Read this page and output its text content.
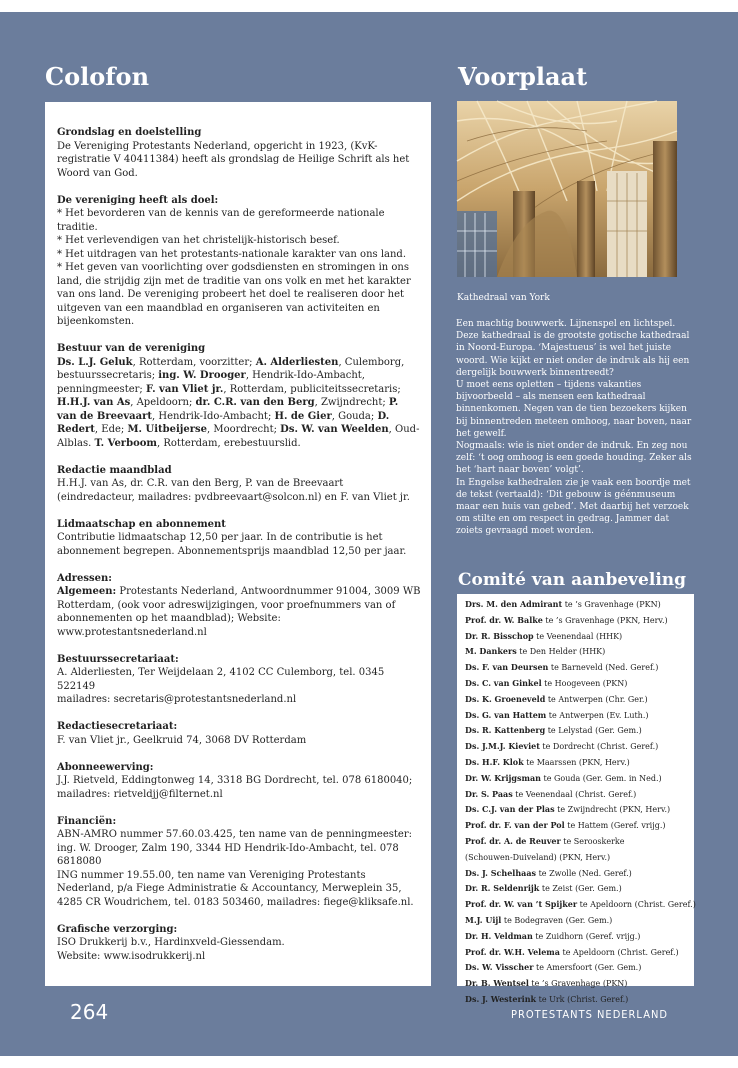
Colofon	Voorplaat
Grondslag en doelstelling

De Vereniging Protestants Nederland, opgericht in 1923, (KvK-registratie V 40411384) heeft als grondslag de Heilige Schrift als het Woord van God.

De vereniging heeft als doel:

* Het bevorderen van de kennis van de gereformeerde nationale traditie.

* Het verlevendigen van het christelijk-historisch besef.

* Het uitdragen van het protestants-nationale karakter van ons land.

* Het geven van voorlichting over godsdiensten en stromingen in ons land, die strijdig zijn met de traditie van ons volk en met het karakter van ons land. De vereniging probeert het doel te realiseren door het uitgeven van een maandblad en organiseren van activiteiten en bijeenkomsten.

Bestuur van de vereniging

Ds. L.J. Geluk, Rotterdam, voorzitter; A. Alderliesten, Culemborg, bestuurssecretaris; ing. W. Drooger, Hendrik-Ido-Ambacht, penningmeester; F. van Vliet jr., Rotterdam, publiciteitssecretaris; H.H.J. van As, Apeldoorn; dr. C.R. van den Berg, Zwijndrecht; P. van de Breevaart, Hendrik-Ido-Ambacht; H. de Gier, Gouda; D. Redert, Ede; M. Uitbeijerse, Moordrecht; Ds. W. van Weelden, Oud-Alblas. T. Verboom, Rotterdam, erebestuurslid.

Redactie maandblad

H.H.J. van As, dr. C.R. van den Berg, P. van de Breevaart (eindredacteur, mailadres: pvdbreevaart@solcon.nl) en F. van Vliet jr.

Lidmaatschap en abonnement

Contributie lidmaatschap 12,50 per jaar. In de contributie is het abonnement begrepen. Abonnementsprijs maandblad 12,50 per jaar.

Adressen:

Algemeen: Protestants Nederland, Antwoordnummer 91004, 3009 WB Rotterdam, (ook voor adreswijzigingen, voor proefnummers van of abonnementen op het maandblad); Website: www.protestantsnederland.nl

Bestuurssecretariaat:

A. Alderliesten, Ter Weijdelaan 2, 4102 CC Culemborg, tel. 0345 522149

mailadres: secretaris@protestantsnederland.nl

Redactiesecretariaat:

F. van Vliet jr., Geelkruid 74, 3068 DV Rotterdam

Abonneewerving:

J.J. Rietveld, Eddingtonweg 14, 3318 BG Dordrecht, tel. 078 6180040;

mailadres: rietveldjj@filternet.nl

Financiën:

ABN-AMRO nummer 57.60.03.425, ten name van de penningmeester: ing. W. Drooger, Zalm 190, 3344 HD Hendrik-Ido-Ambacht, tel. 078 6818080

ING nummer 19.55.00, ten name van Vereniging Protestants Nederland, p/a Fiege Administratie & Accountancy, Merweplein 35, 4285 CR Woudrichem, tel. 0183 503460, mailadres: fiege@kliksafe.nl.

Grafische verzorging:

ISO Drukkerij b.v., Hardinxveld-Giessendam.

Website: www.isodrukkerij.nl

Kathedraal van York

Een machtig bouwwerk. Lijnenspel en lichtspel. Deze kathedraal is de grootste gotische kathedraal in Noord-Europa. ‘Majestueus’ is wel het juiste woord. Wie kijkt er niet onder de indruk als hij een dergelijk bouwwerk binnentreedt?

U moet eens opletten – tijdens vakanties bijvoorbeeld – als mensen een kathedraal binnenkomen. Negen van de tien bezoekers kijken bij binnentreden meteen omhoog, naar boven, naar het gewelf.

Nogmaals: wie is niet onder de indruk. En zeg nou zelf: ‘t oog omhoog is een goede houding. Zeker als het ‘hart naar boven’ volgt’.

In Engelse kathedralen zie je vaak een boordje met de tekst (vertaald): ‘Dit gebouw is géénmuseum maar een huis van gebed’. Met daarbij het verzoek om stilte en om respect in gedrag. Jammer dat zoiets gevraagd moet worden.

Comité van aanbeveling
Drs. M. den Admirant te ’s Gravenhage (PKN)
Prof. dr. W. Balke te ’s Gravenhage (PKN, Herv.)
Dr. R. Bisschop te Veenendaal (HHK)
M. Dankers te Den Helder (HHK)
Ds. F. van Deursen te Barneveld (Ned. Geref.)
Ds. C. van Ginkel te Hoogeveen (PKN)
Ds. K. Groeneveld te Antwerpen (Chr. Ger.)
Ds. G. van Hattem te Antwerpen (Ev. Luth.)
Ds. R. Kattenberg te Lelystad (Ger. Gem.)
Ds. J.M.J. Kieviet te Dordrecht (Christ. Geref.)
Ds. H.F. Klok te Maarssen (PKN, Herv.)
Dr. W. Krijgsman te Gouda (Ger. Gem. in Ned.)
Dr. S. Paas te Veenendaal (Christ. Geref.)
Ds. C.J. van der Plas te Zwijndrecht (PKN, Herv.)
Prof. dr. F. van der Pol te Hattem (Geref. vrijg.)
Prof. dr. A. de Reuver te Serooskerke
(Schouwen-Duiveland) (PKN, Herv.)
Ds. J. Schelhaas te Zwolle (Ned. Geref.)
Dr. R. Seldenrijk te Zeist (Ger. Gem.)
Prof. dr. W. van ’t Spijker te Apeldoorn (Christ. Geref.)
M.J. Uijl te Bodegraven (Ger. Gem.)
Dr. H. Veldman te Zuidhorn (Geref. vrijg.)
Prof. dr. W.H. Velema te Apeldoorn (Christ. Geref.)
Ds. W. Visscher te Amersfoort (Ger. Gem.)
Dr. B. Wentsel te ’s Gravenhage (PKN)
Ds. J. Westerink te Urk (Christ. Geref.)
264	PROTESTANTS NEDERLAND
